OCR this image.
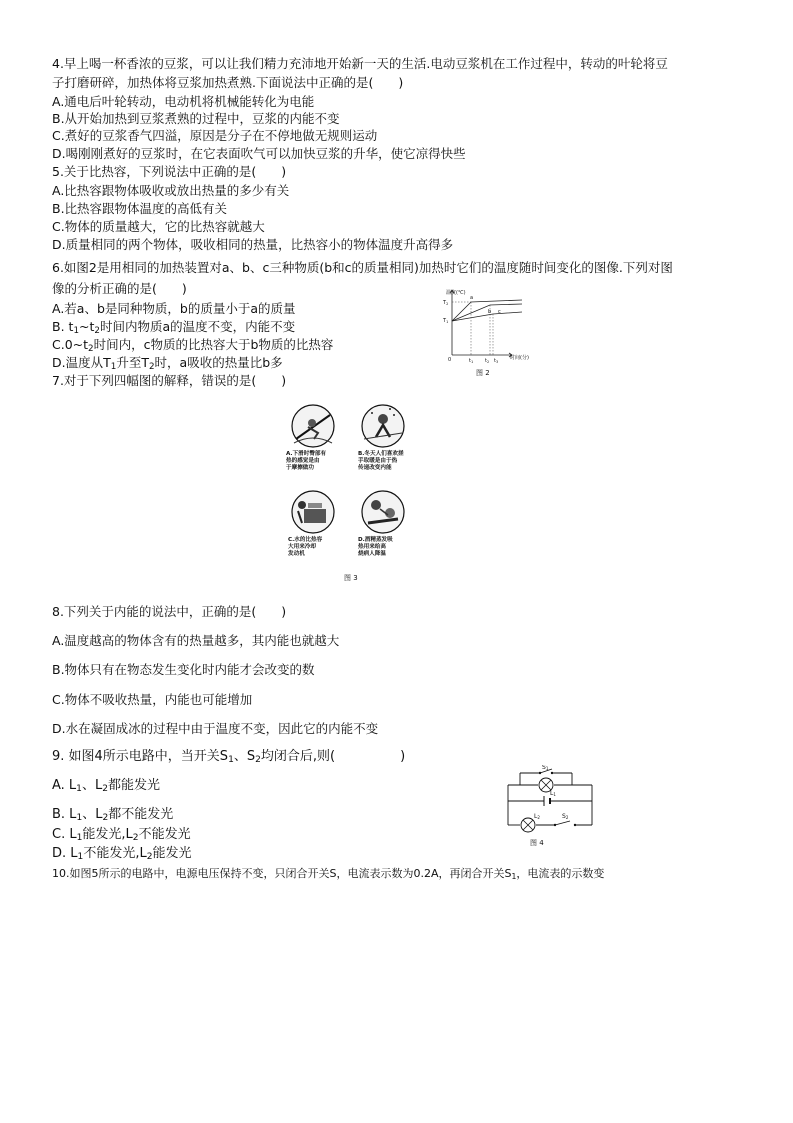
4.早上喝一杯香浓的豆浆，可以让我们精力充沛地开始新一天的生活.电动豆浆机在工作过程中，转动的叶轮将豆
子打磨研碎，加热体将豆浆加热煮熟.下面说法中正确的是(　　)
A.通电后叶轮转动，电动机将机械能转化为电能
B.从开始加热到豆浆煮熟的过程中，豆浆的内能不变
C.煮好的豆浆香气四溢，原因是分子在不停地做无规则运动
D.喝刚刚煮好的豆浆时，在它表面吹气可以加快豆浆的升华，使它凉得快些
5.关于比热容，下列说法中正确的是(　　)
A.比热容跟物体吸收或放出热量的多少有关
B.比热容跟物体温度的高低有关
C.物体的质量越大，它的比热容就越大
D.质量相同的两个物体，吸收相同的热量，比热容小的物体温度升高得多
6.如图2是用相同的加热装置对a、b、c三种物质(b和c的质量相同)加热时它们的温度随时间变化的图像.下列对图
像的分析正确的是(　　)
A.若a、b是同种物质，b的质量小于a的质量
B. $t_1\sim t_2$时间内物质a的温度不变，内能不变
$C.0\sim t_2$时间内，c物质的比热容大于b物质的比热容
D.温度从$T_1$升至$T_2$时，a吸收的热量比b多
7.对于下列四幅图的解释，错误的是(　　)
温度(℃)
时间(分)
0	$t_1$ $t_2$ $t_3$
$T_2$
$T_1$
a
b c
图 2
A.下滑时臀部有
热的感觉是由
于摩擦做功
B.冬天人们喜欢搓
手取暖是由于热
传递改变内能
C.水的比热容
大用来冷却
发动机
D.酒精蒸发吸
热用来给高
烧病人降温
图 3
8.下列关于内能的说法中，正确的是(　　)
A.温度越高的物体含有的热量越多，其内能也就越大
B.物体只有在物态发生变化时内能才会改变的数
C.物体不吸收热量，内能也可能增加
D.水在凝固成冰的过程中由于温度不变，因此它的内能不变
9. 如图4所示电路中，当开关$S_1$、$S_2$均闭合后,则(　　　　　)
A. $L_1$、$L_2$都能发光
B. $L_1$、$L_2$都不能发光
C. $L_1$能发光$,L_2$不能发光
D. $L_1$不能发光$,L_2$能发光
S1
L1
L2	S2
图 4
10.如图5所示的电路中，电源电压保持不变，只闭合开关S，电流表示数为0.2A，再闭合开关$S_1$，电流表的示数变
